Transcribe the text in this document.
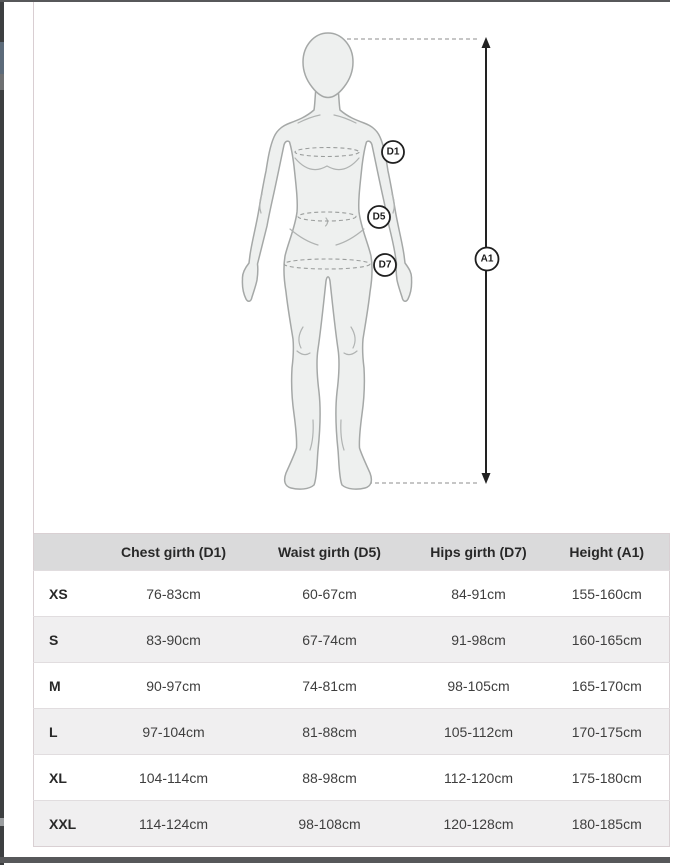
D1
D5
D7
A1
	Chest girth (D1)	Waist girth (D5)	Hips girth (D7)	Height (A1)
XS	76-83cm	60-67cm	84-91cm	155-160cm
S	83-90cm	67-74cm	91-98cm	160-165cm
M	90-97cm	74-81cm	98-105cm	165-170cm
L	97-104cm	81-88cm	105-112cm	170-175cm
XL	104-114cm	88-98cm	112-120cm	175-180cm
XXL	114-124cm	98-108cm	120-128cm	180-185cm
